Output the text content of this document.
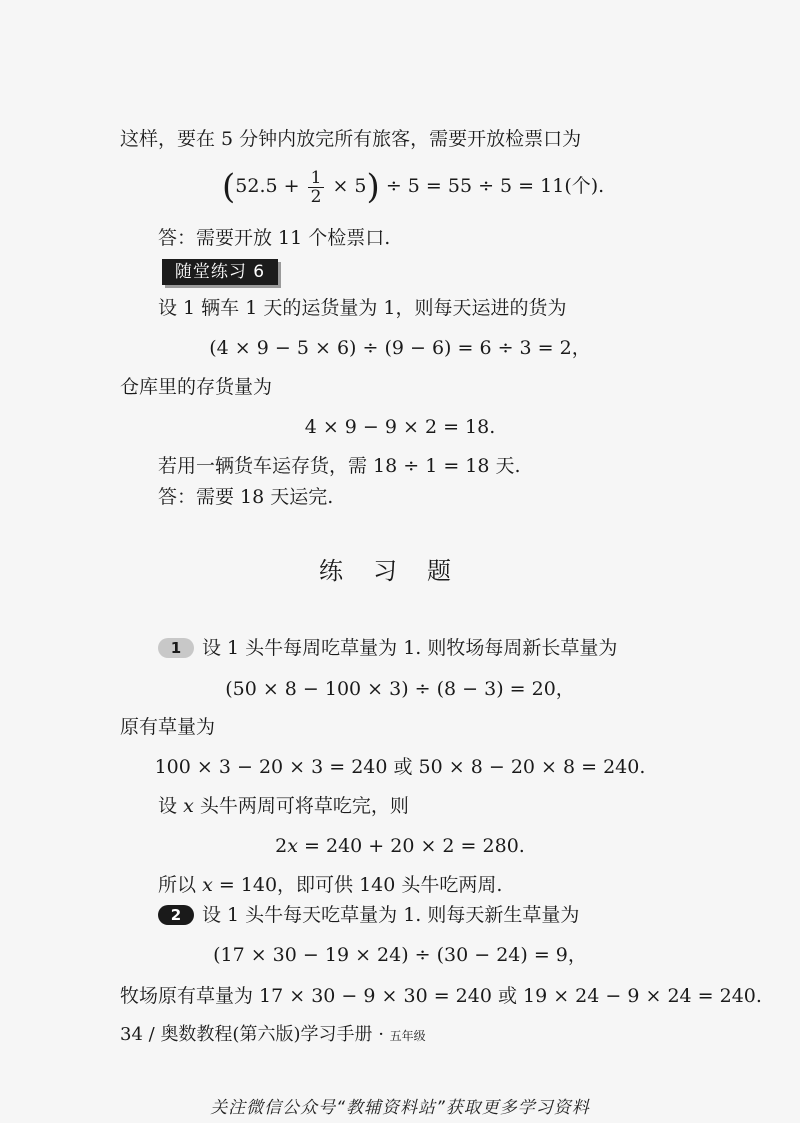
这样，要在 5 分钟内放完所有旅客，需要开放检票口为
$(52.5 + \frac{1}{2} \times 5) \div 5 = 55 \div 5 = 11$(个).
答：需要开放 11 个检票口.
随堂练习 6
设 1 辆车 1 天的运货量为 1，则每天运进的货为
(4 × 9 − 5 × 6) ÷ (9 − 6) = 6 ÷ 3 = 2，
仓库里的存货量为
4 × 9 − 9 × 2 = 18.
若用一辆货车运存货，需 18 ÷ 1 = 18 天.
答：需要 18 天运完.
练习题
1 设 1 头牛每周吃草量为 1. 则牧场每周新长草量为
(50 × 8 − 100 × 3) ÷ (8 − 3) = 20，
原有草量为
100 × 3 − 20 × 3 = 240 或 50 × 8 − 20 × 8 = 240.
设 x 头牛两周可将草吃完，则
2x = 240 + 20 × 2 = 280.
所以 x = 140，即可供 140 头牛吃两周.
2 设 1 头牛每天吃草量为 1. 则每天新生草量为
(17 × 30 − 19 × 24) ÷ (30 − 24) = 9，
牧场原有草量为 17 × 30 − 9 × 30 = 240 或 19 × 24 − 9 × 24 = 240.
34 / 奥数教程(第六版)学习手册 · 五年级
关注微信公众号“教辅资料站”获取更多学习资料
